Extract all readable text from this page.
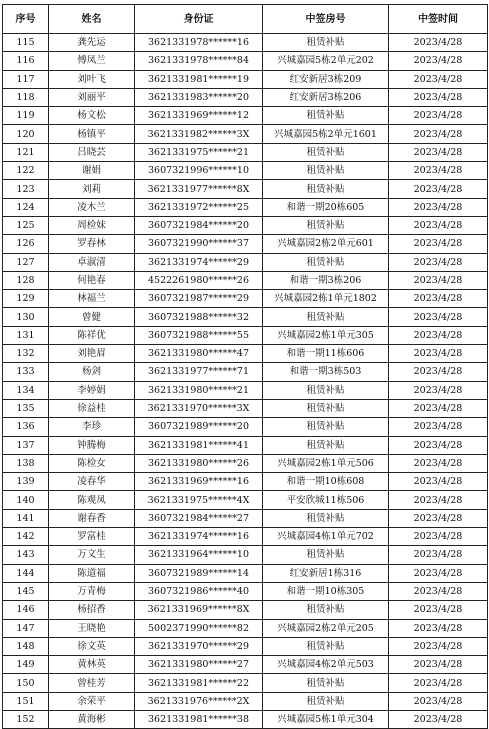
序号	姓名	身份证	中签房号	中签时间
115	龚先运	3621331978******16	租赁补贴	2023/4/28
116	傅凤兰	3621331978******84	兴城嘉园5栋2单元202	2023/4/28
117	刘叶飞	3621331981******19	红安新居3栋209	2023/4/28
118	刘丽平	3621331983******20	红安新居3栋206	2023/4/28
119	杨文松	3621331969******12	租赁补贴	2023/4/28
120	杨镇平	3621331982******3X	兴城嘉园5栋2单元1601	2023/4/28
121	吕晓芸	3621331975******21	租赁补贴	2023/4/28
122	谢娟	3607321996******10	租赁补贴	2023/4/28
123	刘莉	3621331977******8X	租赁补贴	2023/4/28
124	凌木兰	3621331972******25	和谐一期20栋605	2023/4/28
125	周检妹	3607321984******20	租赁补贴	2023/4/28
126	罗春林	3607321990******37	兴城嘉园2栋2单元601	2023/4/28
127	卓淑清	3621331974******29	租赁补贴	2023/4/28
128	何艳春	4522261980******26	和谐一期3栋206	2023/4/28
129	林福兰	3607321987******29	兴城嘉园2栋1单元1802	2023/4/28
130	曾健	3607321988******32	租赁补贴	2023/4/28
131	陈祥优	3607321988******55	兴城嘉园2栋1单元305	2023/4/28
132	刘艳眉	3621331980******47	和谐一期11栋606	2023/4/28
133	杨剑	3621331977******71	和谐一期3栋503	2023/4/28
134	李婷娟	3621331980******21	租赁补贴	2023/4/28
135	徐益桂	3621331970******3X	租赁补贴	2023/4/28
136	李珍	3607321989******20	租赁补贴	2023/4/28
137	钟腾梅	3621331981******41	租赁补贴	2023/4/28
138	陈检女	3621331980******26	兴城嘉园2栋1单元506	2023/4/28
139	凌春华	3621331969******16	和谐一期10栋608	2023/4/28
140	陈观凤	3621331975******4X	平安欣城11栋506	2023/4/28
141	谢春香	3607321984******27	租赁补贴	2023/4/28
142	罗富桂	3621331974******16	兴城嘉园4栋1单元702	2023/4/28
143	万文生	3621331964******10	租赁补贴	2023/4/28
144	陈道福	3607321989******14	红安新居1栋316	2023/4/28
145	万青梅	3607321986******40	和谐一期10栋305	2023/4/28
146	杨招香	3621331969******8X	租赁补贴	2023/4/28
147	王晓艳	5002371990******82	兴城嘉园2栋2单元205	2023/4/28
148	徐文英	3621331970******29	租赁补贴	2023/4/28
149	黄林英	3621331980******27	兴城嘉园4栋2单元503	2023/4/28
150	曾桂芳	3621331981******22	租赁补贴	2023/4/28
151	余荣平	3621331976******2X	租赁补贴	2023/4/28
152	黄海彬	3621331981******38	兴城嘉园5栋1单元304	2023/4/28
